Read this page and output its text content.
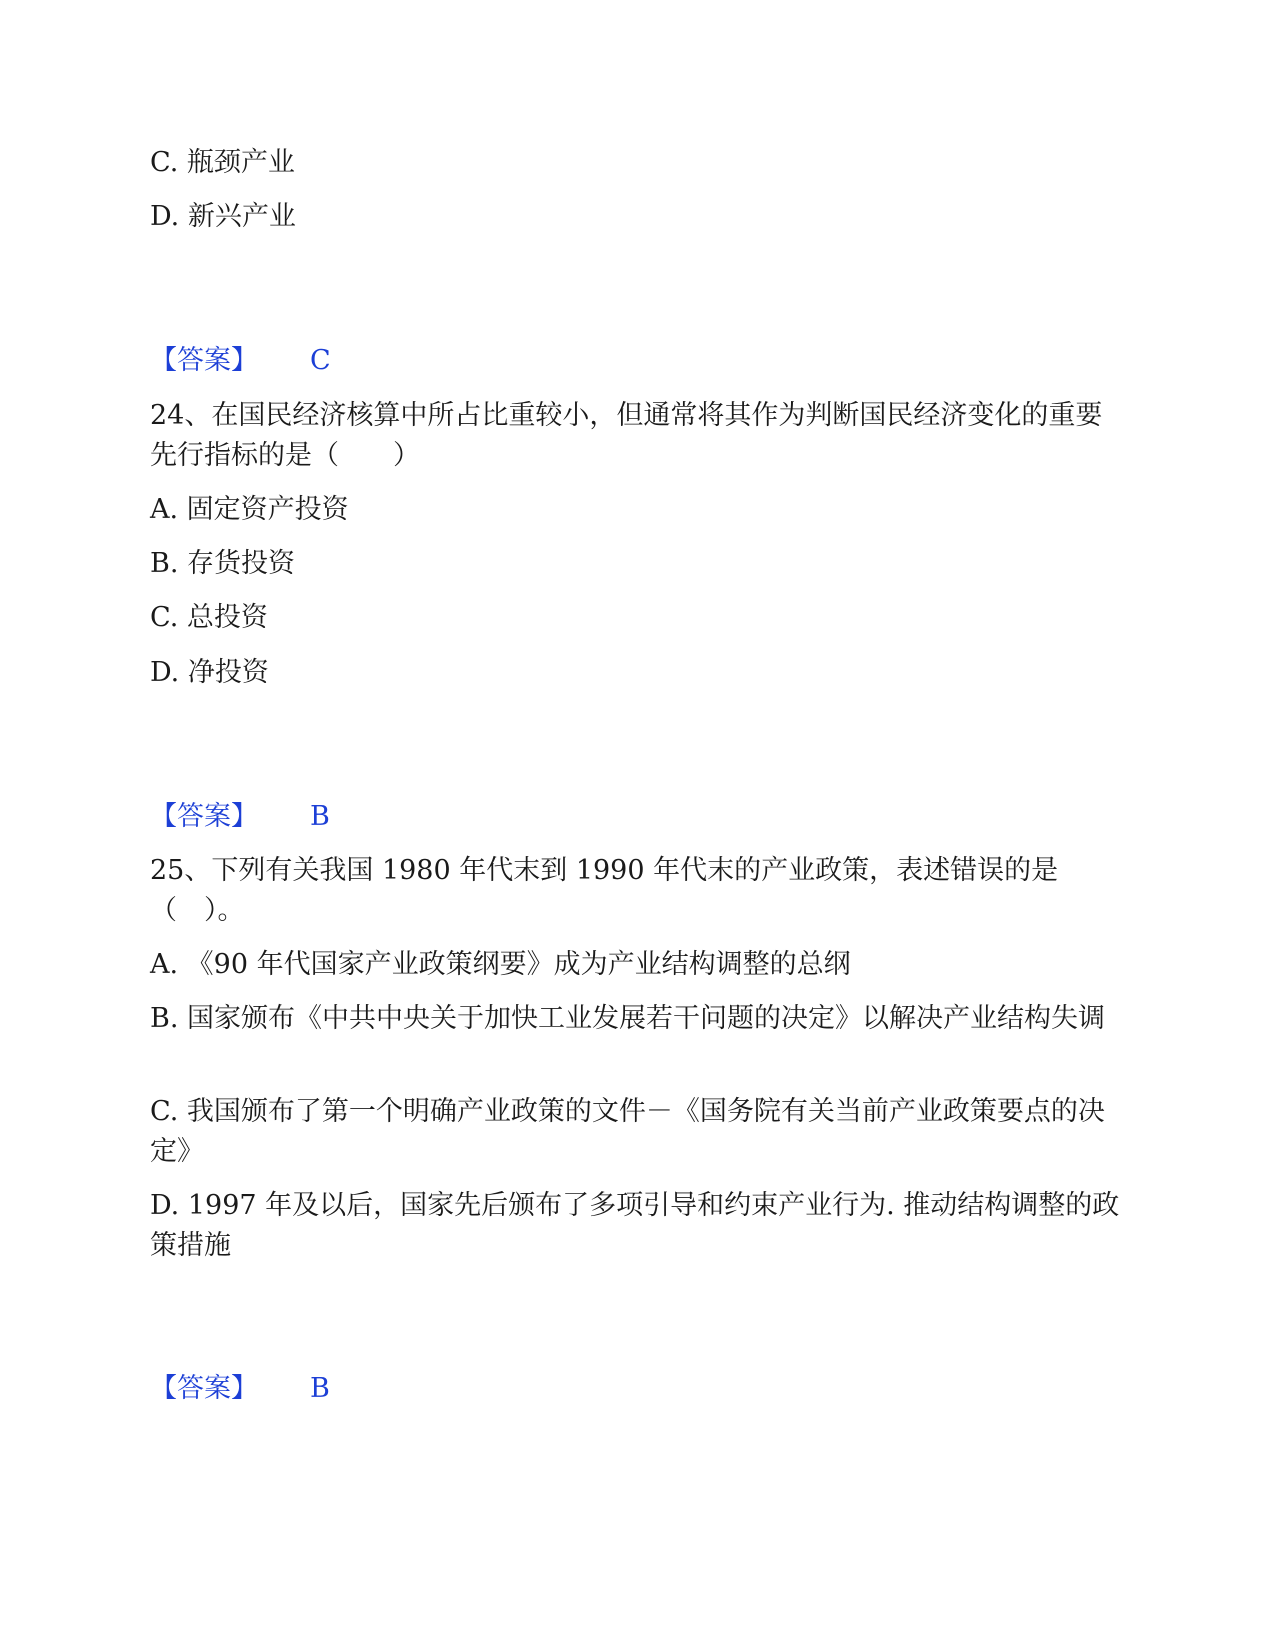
C. 瓶颈产业
D. 新兴产业
【答案】 C
24、在国民经济核算中所占比重较小，但通常将其作为判断国民经济变化的重要先行指标的是（　　）
A. 固定资产投资
B. 存货投资
C. 总投资
D. 净投资
【答案】 B
25、下列有关我国 1980 年代末到 1990 年代末的产业政策，表述错误的是（　）。
A. 《90 年代国家产业政策纲要》成为产业结构调整的总纲
B. 国家颁布《中共中央关于加快工业发展若干问题的决定》以解决产业结构失调
C. 我国颁布了第一个明确产业政策的文件－《国务院有关当前产业政策要点的决定》
D. 1997 年及以后，国家先后颁布了多项引导和约束产业行为. 推动结构调整的政策措施
【答案】 B
